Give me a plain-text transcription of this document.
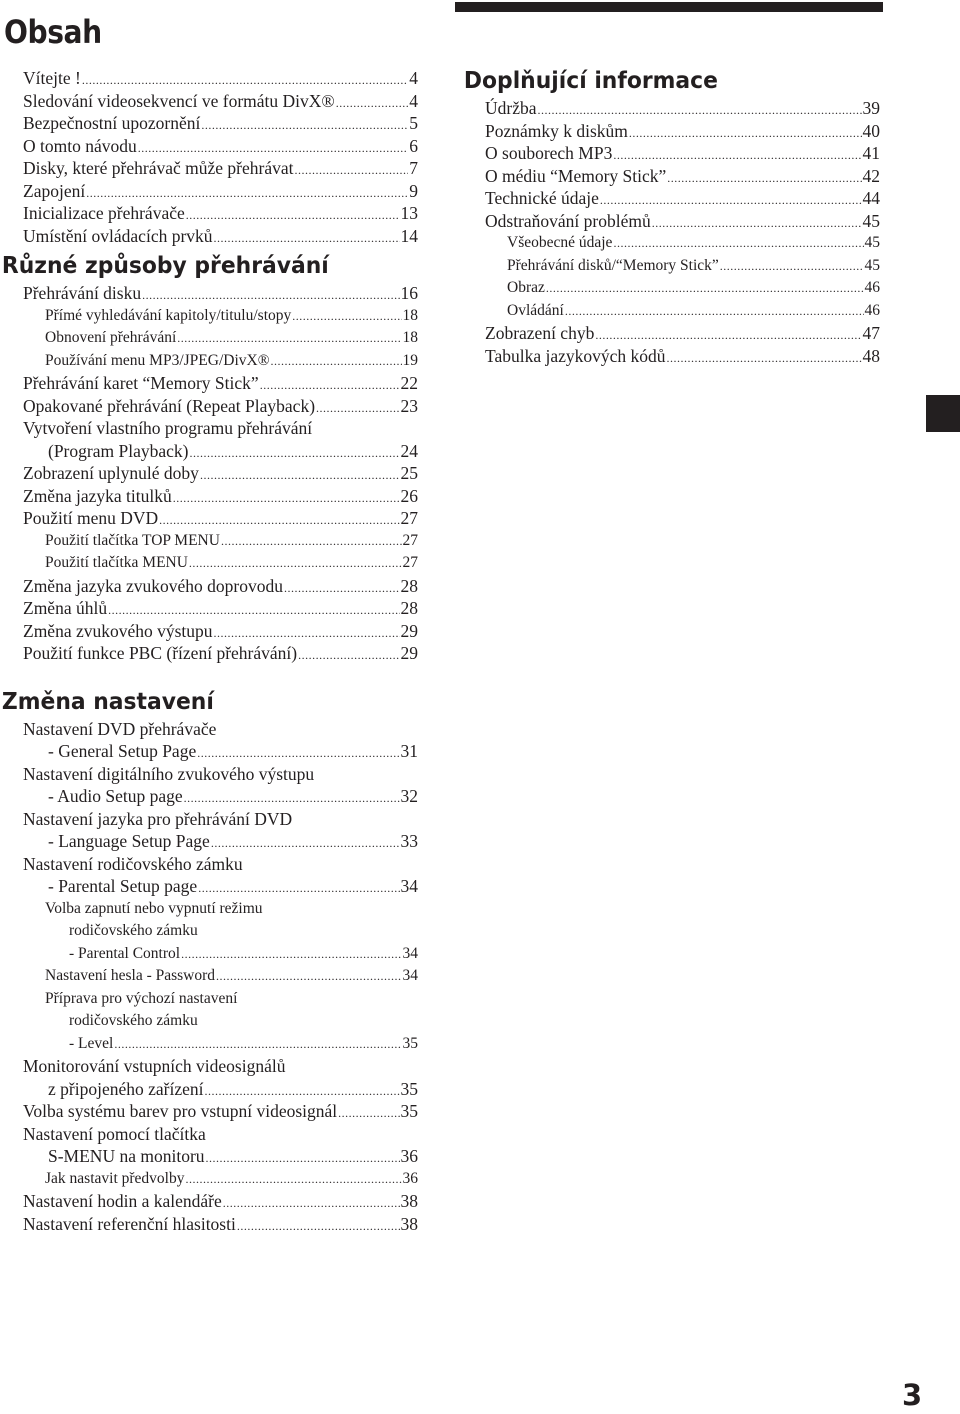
Obsah
3
Vítejte ! .....	4
Sledování videosekvencí ve formátu DivX® .....	4
Bezpečnostní upozornění .....	5
O tomto návodu .....	6
Disky, které přehrávač může přehrávat .....	7
Zapojení .....	9
Inicializace přehrávače .....	13
Umístění ovládacích prvků .....	14
Různé způsoby přehrávání
Přehrávání disku .....	16
Přímé vyhledávání kapitoly/titulu/stopy .....	18
Obnovení přehrávání .....	18
Používání menu MP3/JPEG/DivX® .....	19
Přehrávání karet “Memory Stick” .....	22
Opakované přehrávání (Repeat Playback) .....	23
Vytvoření vlastního programu přehrávání
(Program Playback) .....	24
Zobrazení uplynulé doby .....	25
Změna jazyka titulků .....	26
Použití menu DVD .....	27
Použití tlačítka TOP MENU .....	27
Použití tlačítka MENU .....	27
Změna jazyka zvukového doprovodu .....	28
Změna úhlů .....	28
Změna zvukového výstupu .....	29
Použití funkce PBC (řízení přehrávání) .....	29
Změna nastavení
Nastavení DVD přehrávače
- General Setup Page .....	31
Nastavení digitálního zvukového výstupu
- Audio Setup page .....	32
Nastavení jazyka pro přehrávání DVD
- Language Setup Page .....	33
Nastavení rodičovského zámku
- Parental Setup page .....	34
Volba zapnutí nebo vypnutí režimu
rodičovského zámku
- Parental Control .....	34
Nastavení hesla - Password .....	34
Příprava pro výchozí nastavení
rodičovského zámku
- Level .....	35
Monitorování vstupních videosignálů
z připojeného zařízení .....	35
Volba systému barev pro vstupní videosignál .....	35
Nastavení pomocí tlačítka
S-MENU na monitoru .....	36
Jak nastavit předvolby .....	36
Nastavení hodin a kalendáře .....	38
Nastavení referenční hlasitosti .....	38
Doplňující informace
Údržba .....	39
Poznámky k diskům .....	40
O souborech MP3 .....	41
O médiu “Memory Stick” .....	42
Technické údaje .....	44
Odstraňování problémů .....	45
Všeobecné údaje .....	45
Přehrávání disků/“Memory Stick” .....	45
Obraz .....	46
Ovládání .....	46
Zobrazení chyb .....	47
Tabulka jazykových kódů .....	48
